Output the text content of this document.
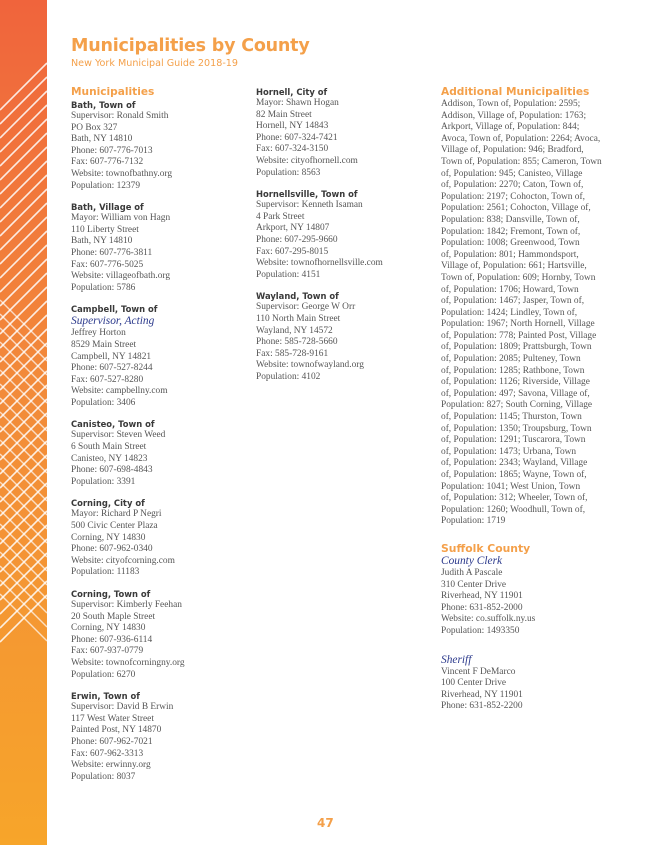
Municipalities by County
New York Municipal Guide 2018-19
Municipalities
Bath, Town of
Supervisor: Ronald Smith
PO Box 327
Bath, NY 14810
Phone: 607-776-7013
Fax: 607-776-7132
Website: townofbathny.org
Population: 12379
Bath, Village of
Mayor: William von Hagn
110 Liberty Street
Bath, NY 14810
Phone: 607-776-3811
Fax: 607-776-5025
Website: villageofbath.org
Population: 5786
Campbell, Town of
Supervisor, Acting
Jeffrey Horton
8529 Main Street
Campbell, NY 14821
Phone: 607-527-8244
Fax: 607-527-8280
Website: campbellny.com
Population: 3406
Canisteo, Town of
Supervisor: Steven Weed
6 South Main Street
Canisteo, NY 14823
Phone: 607-698-4843
Population: 3391
Corning, City of
Mayor: Richard P Negri
500 Civic Center Plaza
Corning, NY 14830
Phone: 607-962-0340
Website: cityofcorning.com
Population: 11183
Corning, Town of
Supervisor: Kimberly Feehan
20 South Maple Street
Corning, NY 14830
Phone: 607-936-6114
Fax: 607-937-0779
Website: townofcorningny.org
Population: 6270
Erwin, Town of
Supervisor: David B Erwin
117 West Water Street
Painted Post, NY 14870
Phone: 607-962-7021
Fax: 607-962-3313
Website: erwinny.org
Population: 8037
Hornell, City of
Mayor: Shawn Hogan
82 Main Street
Hornell, NY 14843
Phone: 607-324-7421
Fax: 607-324-3150
Website: cityofhornell.com
Population: 8563
Hornellsville, Town of
Supervisor: Kenneth Isaman
4 Park Street
Arkport, NY 14807
Phone: 607-295-9660
Fax: 607-295-8015
Website: townofhornellsville.com
Population: 4151
Wayland, Town of
Supervisor: George W Orr
110 North Main Street
Wayland, NY 14572
Phone: 585-728-5660
Fax: 585-728-9161
Website: townofwayland.org
Population: 4102
Additional Municipalities
Addison, Town of, Population: 2595;
Addison, Village of, Population: 1763;
Arkport, Village of, Population: 844;
Avoca, Town of, Population: 2264; Avoca,
Village of, Population: 946; Bradford,
Town of, Population: 855; Cameron, Town
of, Population: 945; Canisteo, Village
of, Population: 2270; Caton, Town of,
Population: 2197; Cohocton, Town of,
Population: 2561; Cohocton, Village of,
Population: 838; Dansville, Town of,
Population: 1842; Fremont, Town of,
Population: 1008; Greenwood, Town
of, Population: 801; Hammondsport,
Village of, Population: 661; Hartsville,
Town of, Population: 609; Hornby, Town
of, Population: 1706; Howard, Town
of, Population: 1467; Jasper, Town of,
Population: 1424; Lindley, Town of,
Population: 1967; North Hornell, Village
of, Population: 778; Painted Post, Village
of, Population: 1809; Prattsburgh, Town
of, Population: 2085; Pulteney, Town
of, Population: 1285; Rathbone, Town
of, Population: 1126; Riverside, Village
of, Population: 497; Savona, Village of,
Population: 827; South Corning, Village
of, Population: 1145; Thurston, Town
of, Population: 1350; Troupsburg, Town
of, Population: 1291; Tuscarora, Town
of, Population: 1473; Urbana, Town
of, Population: 2343; Wayland, Village
of, Population: 1865; Wayne, Town of,
Population: 1041; West Union, Town
of, Population: 312; Wheeler, Town of,
Population: 1260; Woodhull, Town of,
Population: 1719
Suffolk County
County Clerk
Judith A Pascale
310 Center Drive
Riverhead, NY 11901
Phone: 631-852-2000
Website: co.suffolk.ny.us
Population: 1493350
Sheriff
Vincent F DeMarco
100 Center Drive
Riverhead, NY 11901
Phone: 631-852-2200
47
